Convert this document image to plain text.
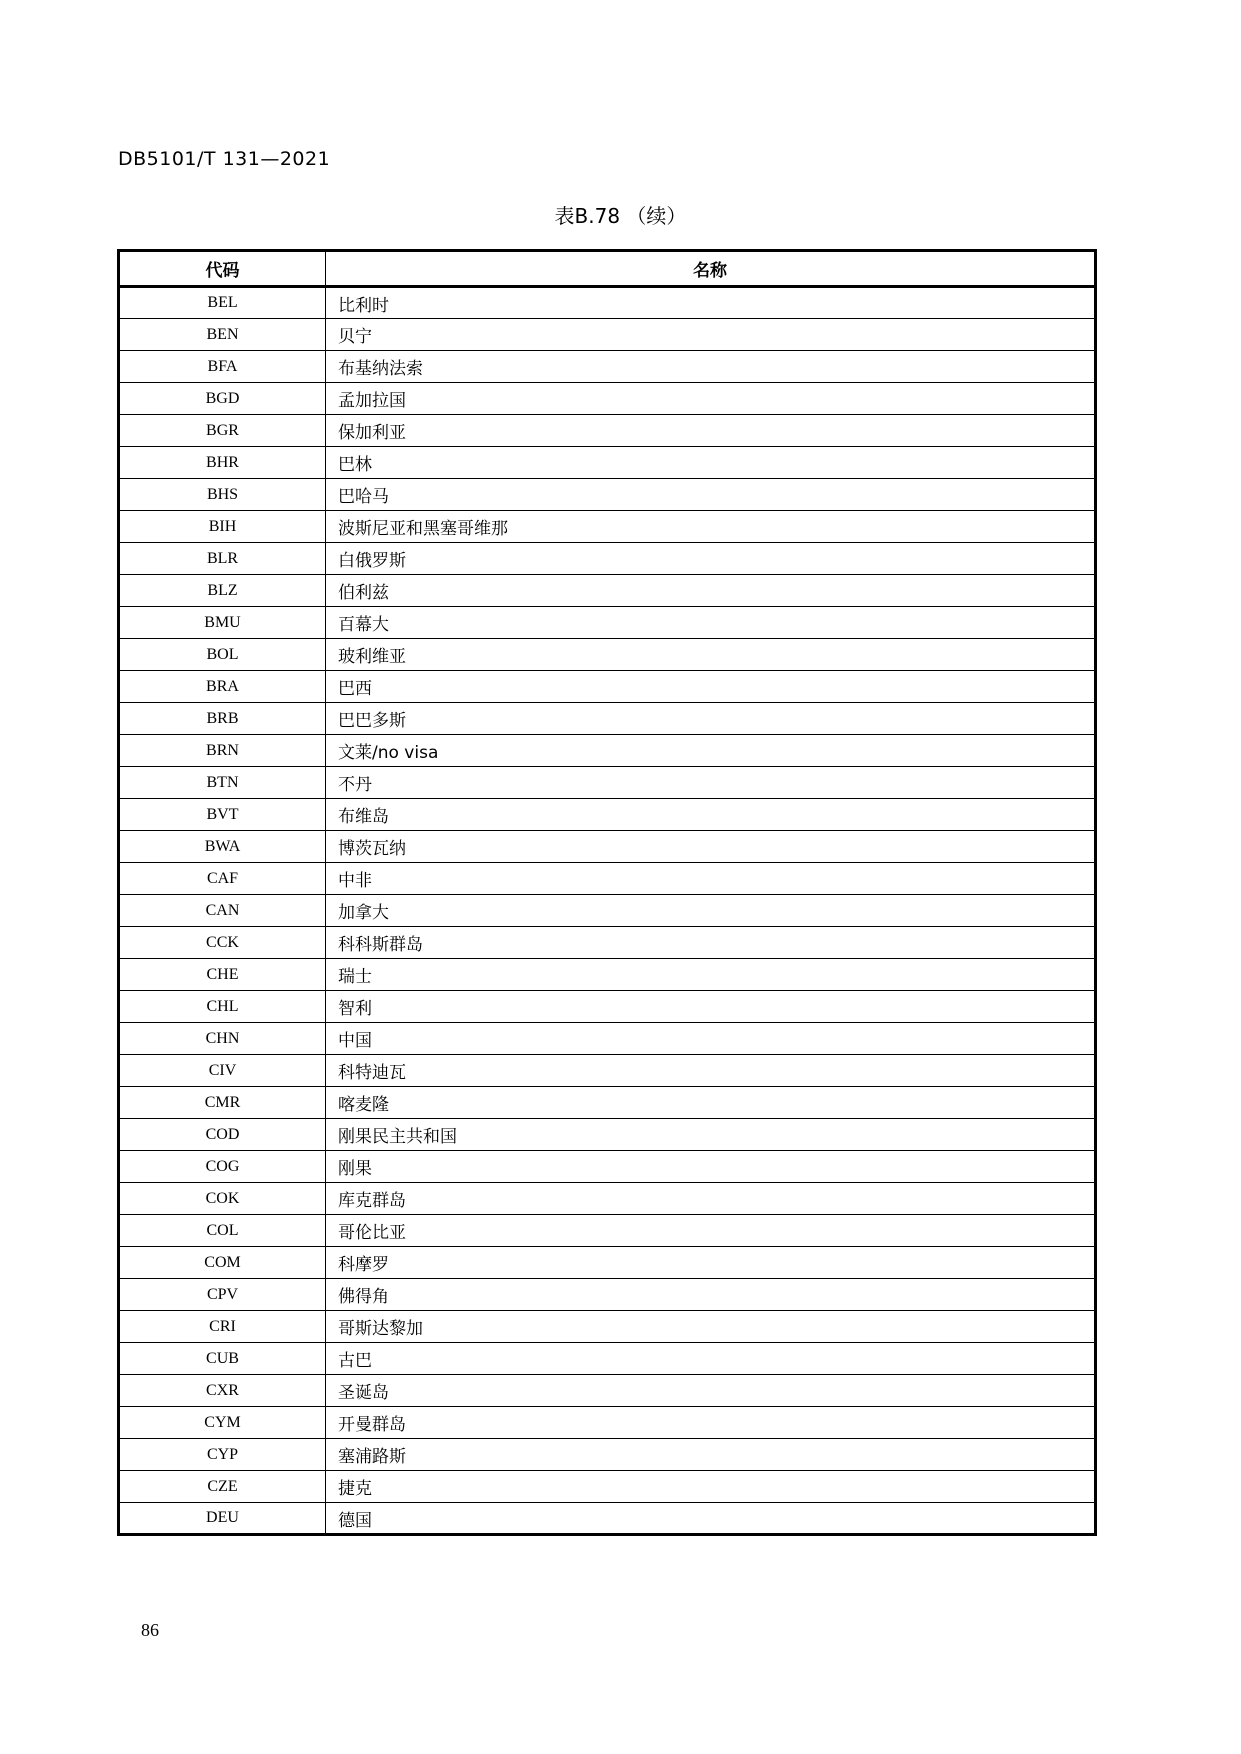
DB5101/T 131—2021
表B.78 （续）
代码	名称
BEL	比利时
BEN	贝宁
BFA	布基纳法索
BGD	孟加拉国
BGR	保加利亚
BHR	巴林
BHS	巴哈马
BIH	波斯尼亚和黑塞哥维那
BLR	白俄罗斯
BLZ	伯利兹
BMU	百幕大
BOL	玻利维亚
BRA	巴西
BRB	巴巴多斯
BRN	文莱/no visa
BTN	不丹
BVT	布维岛
BWA	博茨瓦纳
CAF	中非
CAN	加拿大
CCK	科科斯群岛
CHE	瑞士
CHL	智利
CHN	中国
CIV	科特迪瓦
CMR	喀麦隆
COD	刚果民主共和国
COG	刚果
COK	库克群岛
COL	哥伦比亚
COM	科摩罗
CPV	佛得角
CRI	哥斯达黎加
CUB	古巴
CXR	圣诞岛
CYM	开曼群岛
CYP	塞浦路斯
CZE	捷克
DEU	德国
86
